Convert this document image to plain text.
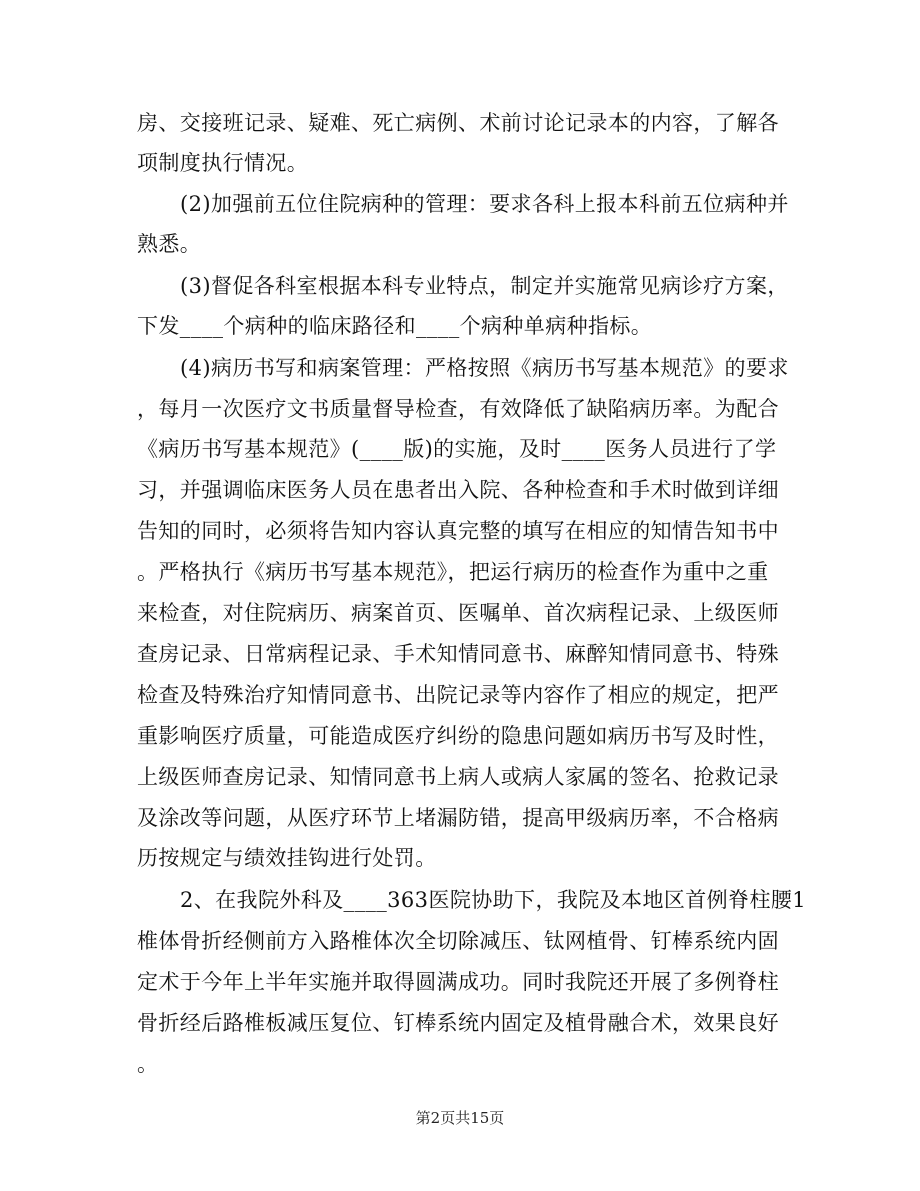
房、交接班记录、疑难、死亡病例、术前讨论记录本的内容，了解各
项制度执行情况。
(2)加强前五位住院病种的管理：要求各科上报本科前五位病种并
熟悉。
(3)督促各科室根据本科专业特点，制定并实施常见病诊疗方案，
下发____个病种的临床路径和____个病种单病种指标。
(4)病历书写和病案管理：严格按照《病历书写基本规范》的要求
，每月一次医疗文书质量督导检查，有效降低了缺陷病历率。为配合
《病历书写基本规范》(____版)的实施，及时____医务人员进行了学
习，并强调临床医务人员在患者出入院、各种检查和手术时做到详细
告知的同时，必须将告知内容认真完整的填写在相应的知情告知书中
。严格执行《病历书写基本规范》，把运行病历的检查作为重中之重
来检查，对住院病历、病案首页、医嘱单、首次病程记录、上级医师
查房记录、日常病程记录、手术知情同意书、麻醉知情同意书、特殊
检查及特殊治疗知情同意书、出院记录等内容作了相应的规定，把严
重影响医疗质量，可能造成医疗纠纷的隐患问题如病历书写及时性，
上级医师查房记录、知情同意书上病人或病人家属的签名、抢救记录
及涂改等问题，从医疗环节上堵漏防错，提高甲级病历率，不合格病
历按规定与绩效挂钩进行处罚。
2、在我院外科及____363医院协助下，我院及本地区首例脊柱腰1
椎体骨折经侧前方入路椎体次全切除减压、钛网植骨、钉棒系统内固
定术于今年上半年实施并取得圆满成功。同时我院还开展了多例脊柱
骨折经后路椎板减压复位、钉棒系统内固定及植骨融合术，效果良好
。
第2页共15页
